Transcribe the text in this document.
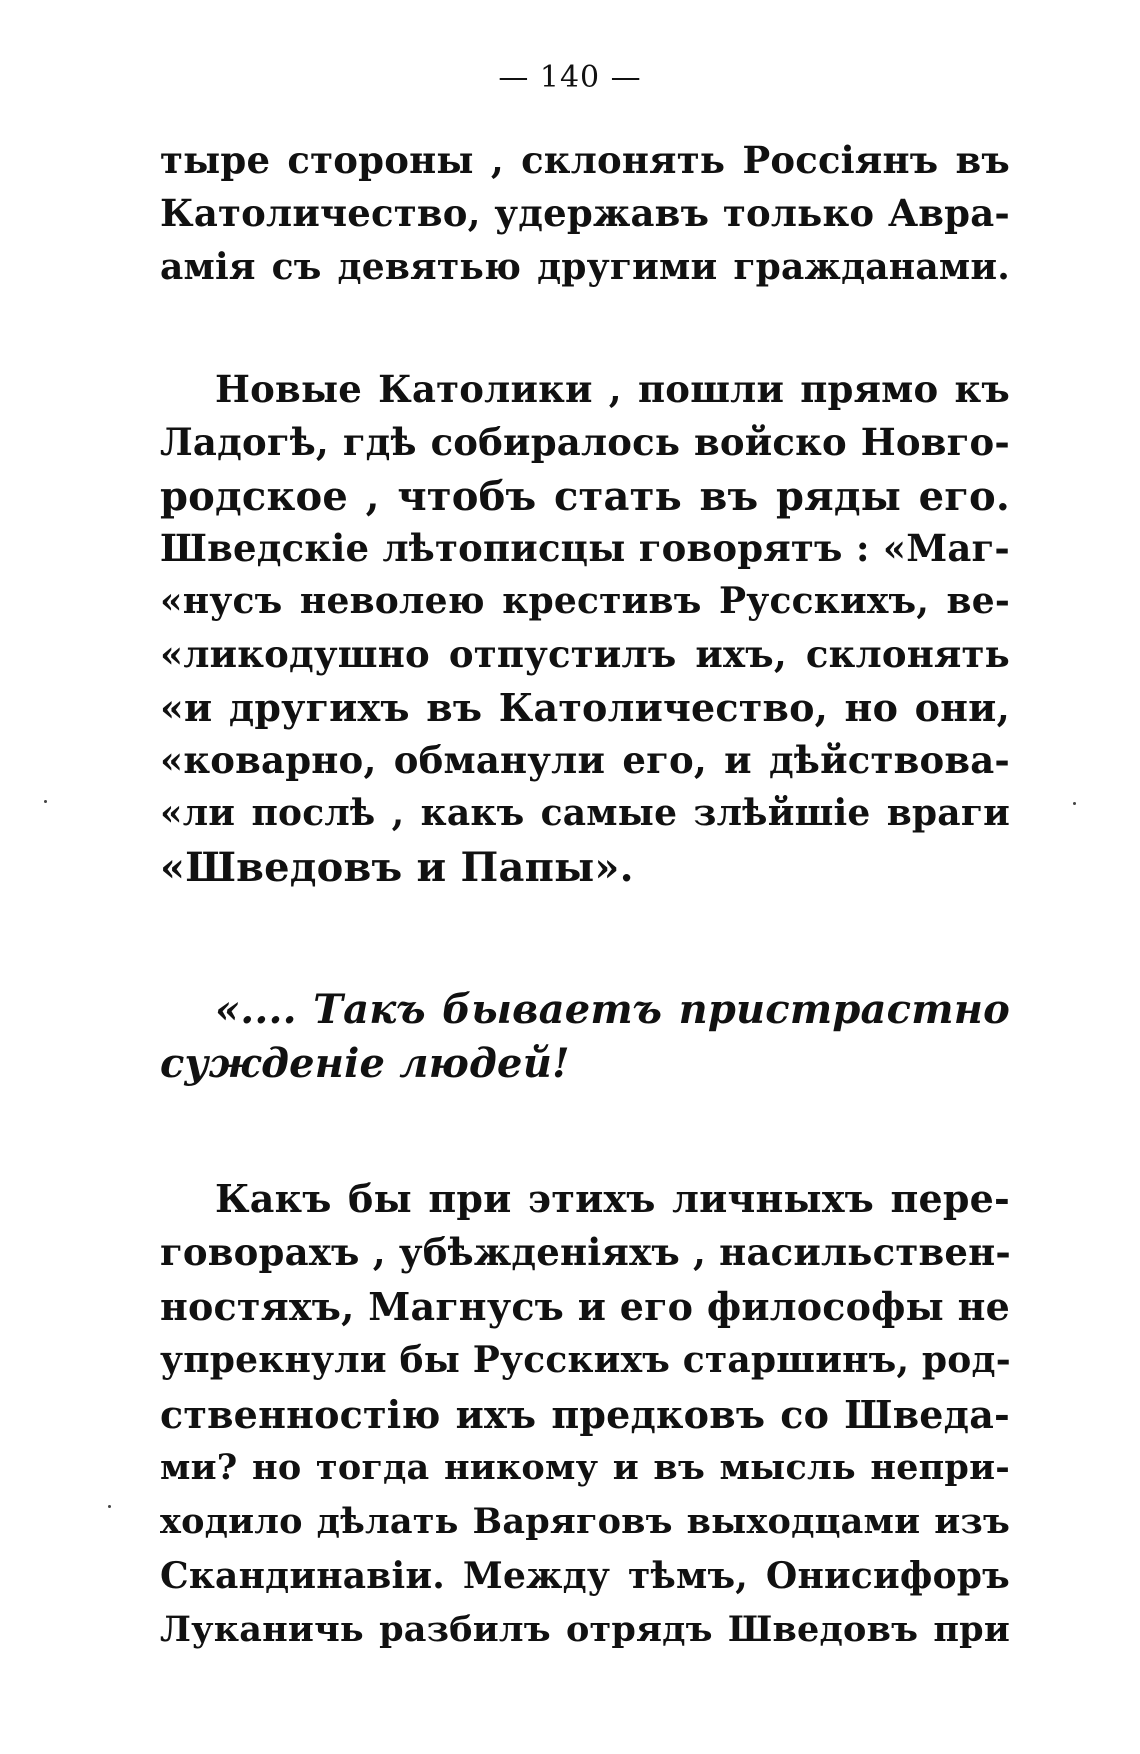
— 140 —
тыре стороны , склонять Россіянъ въ
Католичество, удержавъ только Авра-
амія съ девятью другими гражданами.
Новые Католики , пошли прямо къ
Ладогѣ, гдѣ собиралось войско Новго-
родское , чтобъ стать въ ряды его.
Шведскіе лѣтописцы говорятъ : «Маг-
«нусъ неволею крестивъ Русскихъ, ве-
«ликодушно отпустилъ ихъ, склонять
«и другихъ въ Католичество, но они,
«коварно, обманули его, и дѣйствова-
«ли послѣ , какъ самые злѣйшіе враги
«Шведовъ и Папы».
«.... Такъ бываетъ пристрастно
сужденіе людей!
Какъ бы при этихъ личныхъ пере-
говорахъ , убѣжденіяхъ , насильствен-
ностяхъ, Магнусъ и его философы не
упрекнули бы Русскихъ старшинъ, род-
ственностію ихъ предковъ со Шведа-
ми? но тогда никому и въ мысль непри-
ходило дѣлать Варяговъ выходцами изъ
Скандинавіи. Между тѣмъ, Онисифоръ
Луканичь разбилъ отрядъ Шведовъ при
